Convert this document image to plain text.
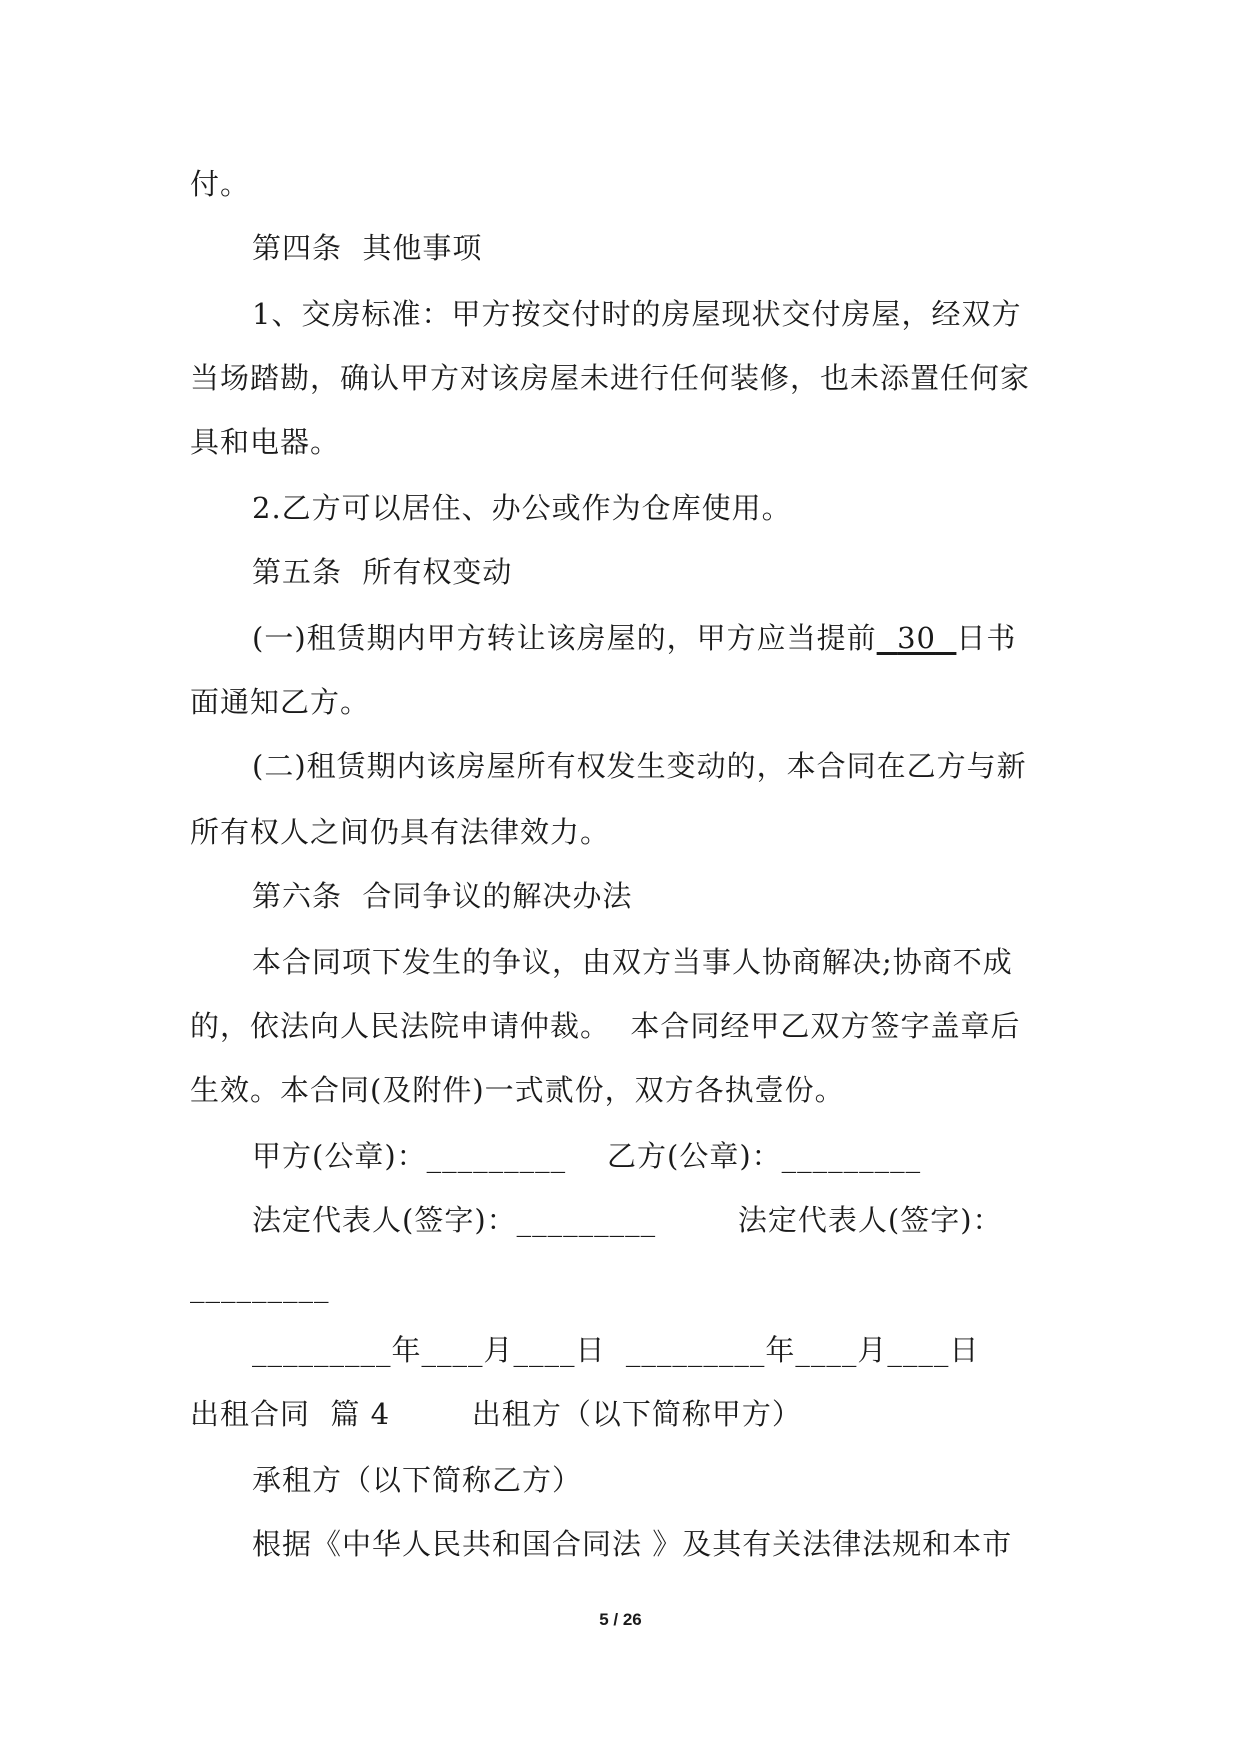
付。
第四条  其他事项
1、交房标准：甲方按交付时的房屋现状交付房屋，经双方
当场踏勘，确认甲方对该房屋未进行任何装修，也未添置任何家
具和电器。
2.乙方可以居住、办公或作为仓库使用。
第五条  所有权变动
(一)租赁期内甲方转让该房屋的，甲方应当提前 30 日书
面通知乙方。
(二)租赁期内该房屋所有权发生变动的，本合同在乙方与新
所有权人之间仍具有法律效力。
第六条  合同争议的解决办法
本合同项下发生的争议，由双方当事人协商解决;协商不成
的，依法向人民法院申请仲裁。  本合同经甲乙双方签字盖章后
生效。本合同(及附件)一式贰份，双方各执壹份。
甲方(公章)：_________    乙方(公章)：_________
法定代表人(签字)：_________        法定代表人(签字)：
_________
_________年____月____日  _________年____月____日
出租合同  篇 4        出租方（以下简称甲方）
承租方（以下简称乙方）
根据《中华人民共和国合同法 》及其有关法律法规和本市
5 / 26
